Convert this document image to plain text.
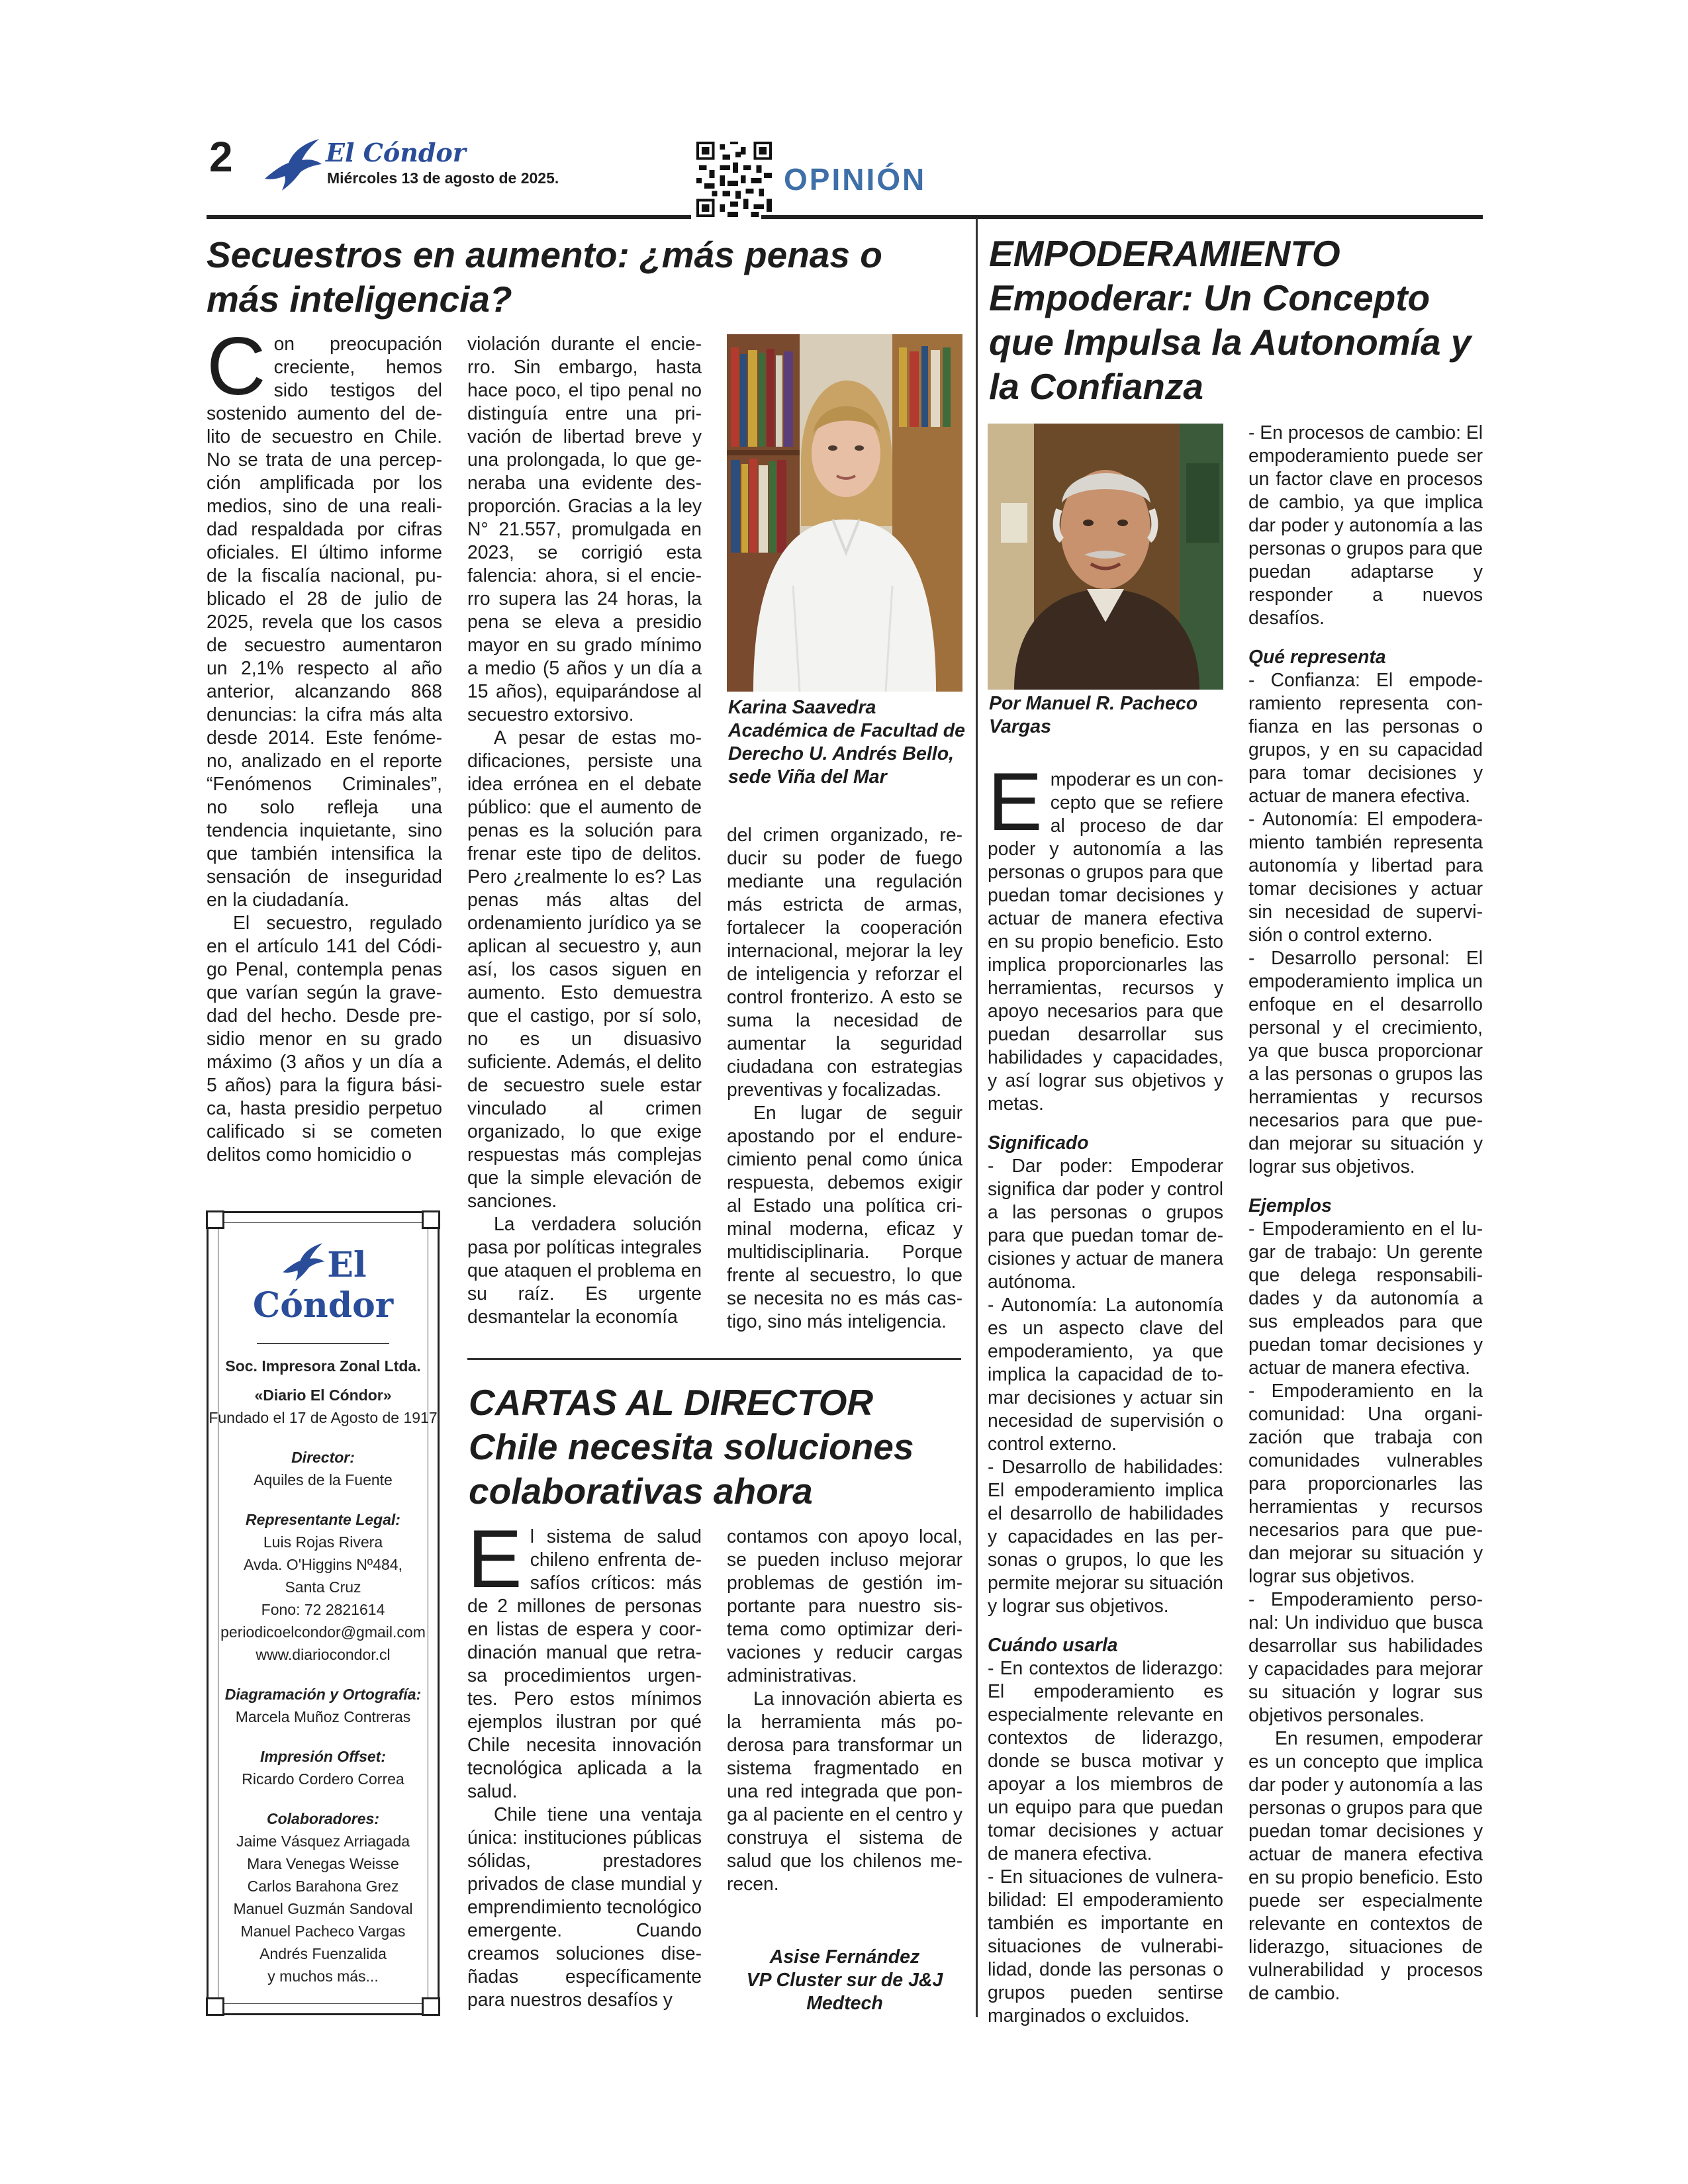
2	El Cóndor
Miércoles 13 de agosto de 2025.	OPINIÓN
Secuestros en aumento: ¿más penas o más inteligencia?

Con preocupación creciente, hemos sido testigos del sostenido aumento del delito de secuestro en Chile. No se trata de una percepción amplificada por los medios, sino de una realidad respaldada por cifras oficiales. El último informe de la fiscalía nacional, publicado el 28 de julio de 2025, revela que los casos de secuestro aumentaron un 2,1% respecto al año anterior, alcanzando 868 denuncias: la cifra más alta desde 2014. Este fenómeno, analizado en el reporte “Fenómenos Criminales”, no solo refleja una tendencia inquietante, sino que también intensifica la sensación de inseguridad en la ciudadanía.

El secuestro, regulado en el artículo 141 del Código Penal, contempla penas que varían según la gravedad del hecho. Desde presidio menor en su grado máximo (3 años y un día a 5 años) para la figura básica, hasta presidio perpetuo calificado si se cometen delitos como homicidio o

violación durante el encierro. Sin embargo, hasta hace poco, el tipo penal no distinguía entre una privación de libertad breve y una prolongada, lo que generaba una evidente desproporción. Gracias a la ley N° 21.557, promulgada en 2023, se corrigió esta falencia: ahora, si el encierro supera las 24 horas, la pena se eleva a presidio mayor en su grado mínimo a medio (5 años y un día a 15 años), equiparándose al secuestro extorsivo.

A pesar de estas modificaciones, persiste una idea errónea en el debate público: que el aumento de penas es la solución para frenar este tipo de delitos. Pero ¿realmente lo es? Las penas más altas del ordenamiento jurídico ya se aplican al secuestro y, aun así, los casos siguen en aumento. Esto demuestra que el castigo, por sí solo, no es un disuasivo suficiente. Además, el delito de secuestro suele estar vinculado al crimen organizado, lo que exige respuestas más complejas que la simple elevación de sanciones.

La verdadera solución pasa por políticas integrales que ataquen el problema en su raíz. Es urgente desmantelar la economía

Karina Saavedra Académica de Facultad de Derecho U. Andrés Bello, sede Viña del Mar

del crimen organizado, reducir su poder de fuego mediante una regulación más estricta de armas, fortalecer la cooperación internacional, mejorar la ley de inteligencia y reforzar el control fronterizo. A esto se suma la necesidad de aumentar la seguridad ciudadana con estrategias preventivas y focalizadas.

En lugar de seguir apostando por el endurecimiento penal como única respuesta, debemos exigir al Estado una política criminal moderna, eficaz y multidisciplinaria. Porque frente al secuestro, lo que se necesita no es más castigo, sino más inteligencia.

CARTAS AL DIRECTOR
Chile necesita soluciones colaborativas ahora

El sistema de salud chileno enfrenta desafíos críticos: más de 2 millones de personas en listas de espera y coordinación manual que retrasa procedimientos urgentes. Pero estos mínimos ejemplos ilustran por qué Chile necesita innovación tecnológica aplicada a la salud.

Chile tiene una ventaja única: instituciones públicas sólidas, prestadores privados de clase mundial y emprendimiento tecnológico emergente. Cuando creamos soluciones diseñadas específicamente para nuestros desafíos y

contamos con apoyo local, se pueden incluso mejorar problemas de gestión importante para nuestro sistema como optimizar derivaciones y reducir cargas administrativas.

La innovación abierta es la herramienta más poderosa para transformar un sistema fragmentado en una red integrada que ponga al paciente en el centro y construya el sistema de salud que los chilenos merecen.

Asise Fernández
VP Cluster sur de J&J
Medtech
EMPODERAMIENTO
Empoderar: Un Concepto que Impulsa la Autonomía y la Confianza
Por Manuel R. Pacheco Vargas

Empoderar es un concepto que se refiere al proceso de dar poder y autonomía a las personas o grupos para que puedan tomar decisiones y actuar de manera efectiva en su propio beneficio. Esto implica proporcionarles las herramientas, recursos y apoyo necesarios para que puedan desarrollar sus habilidades y capacidades, y así lograr sus objetivos y metas.

Significado

- Dar poder: Empoderar significa dar poder y control a las personas o grupos para que puedan tomar decisiones y actuar de manera autónoma.

- Autonomía: La autonomía es un aspecto clave del empoderamiento, ya que implica la capacidad de tomar decisiones y actuar sin necesidad de supervisión o control externo.

- Desarrollo de habilidades: El empoderamiento implica el desarrollo de habilidades y capacidades en las personas o grupos, lo que les permite mejorar su situación y lograr sus objetivos.

Cuándo usarla

- En contextos de liderazgo: El empoderamiento es especialmente relevante en contextos de liderazgo, donde se busca motivar y apoyar a los miembros de un equipo para que puedan tomar decisiones y actuar de manera efectiva.

- En situaciones de vulnerabilidad: El empoderamiento también es importante en situaciones de vulnerabilidad, donde las personas o grupos pueden sentirse marginados o excluidos.

- En procesos de cambio: El empoderamiento puede ser un factor clave en procesos de cambio, ya que implica dar poder y autonomía a las personas o grupos para que puedan adaptarse y responder a nuevos desafíos.

Qué representa

- Confianza: El empoderamiento representa confianza en las personas o grupos, y en su capacidad para tomar decisiones y actuar de manera efectiva.

- Autonomía: El empoderamiento también representa autonomía y libertad para tomar decisiones y actuar sin necesidad de supervisión o control externo.

- Desarrollo personal: El empoderamiento implica un enfoque en el desarrollo personal y el crecimiento, ya que busca proporcionar a las personas o grupos las herramientas y recursos necesarios para que puedan mejorar su situación y lograr sus objetivos.

Ejemplos

- Empoderamiento en el lugar de trabajo: Un gerente que delega responsabilidades y da autonomía a sus empleados para que puedan tomar decisiones y actuar de manera efectiva.

- Empoderamiento en la comunidad: Una organización que trabaja con comunidades vulnerables para proporcionarles las herramientas y recursos necesarios para que puedan mejorar su situación y lograr sus objetivos.

- Empoderamiento personal: Un individuo que busca desarrollar sus habilidades y capacidades para mejorar su situación y lograr sus objetivos personales.

En resumen, empoderar es un concepto que implica dar poder y autonomía a las personas o grupos para que puedan tomar decisiones y actuar de manera efectiva en su propio beneficio. Esto puede ser especialmente relevante en contextos de liderazgo, situaciones de vulnerabilidad y procesos de cambio.

El Cóndor
Soc. Impresora Zonal Ltda.
«Diario El Cóndor»
Fundado el 17 de Agosto de 1917
Director:
Aquiles de la Fuente
Representante Legal:
Luis Rojas Rivera
Avda. O'Higgins Nº484,
Santa Cruz
Fono: 72 2821614
periodicoelcondor@gmail.com
www.diariocondor.cl
Diagramación y Ortografía:
Marcela Muñoz Contreras
Impresión Offset:
Ricardo Cordero Correa
Colaboradores:
Jaime Vásquez Arriagada
Mara Venegas Weisse
Carlos Barahona Grez
Manuel Guzmán Sandoval
Manuel Pacheco Vargas
Andrés Fuenzalida
y muchos más...
